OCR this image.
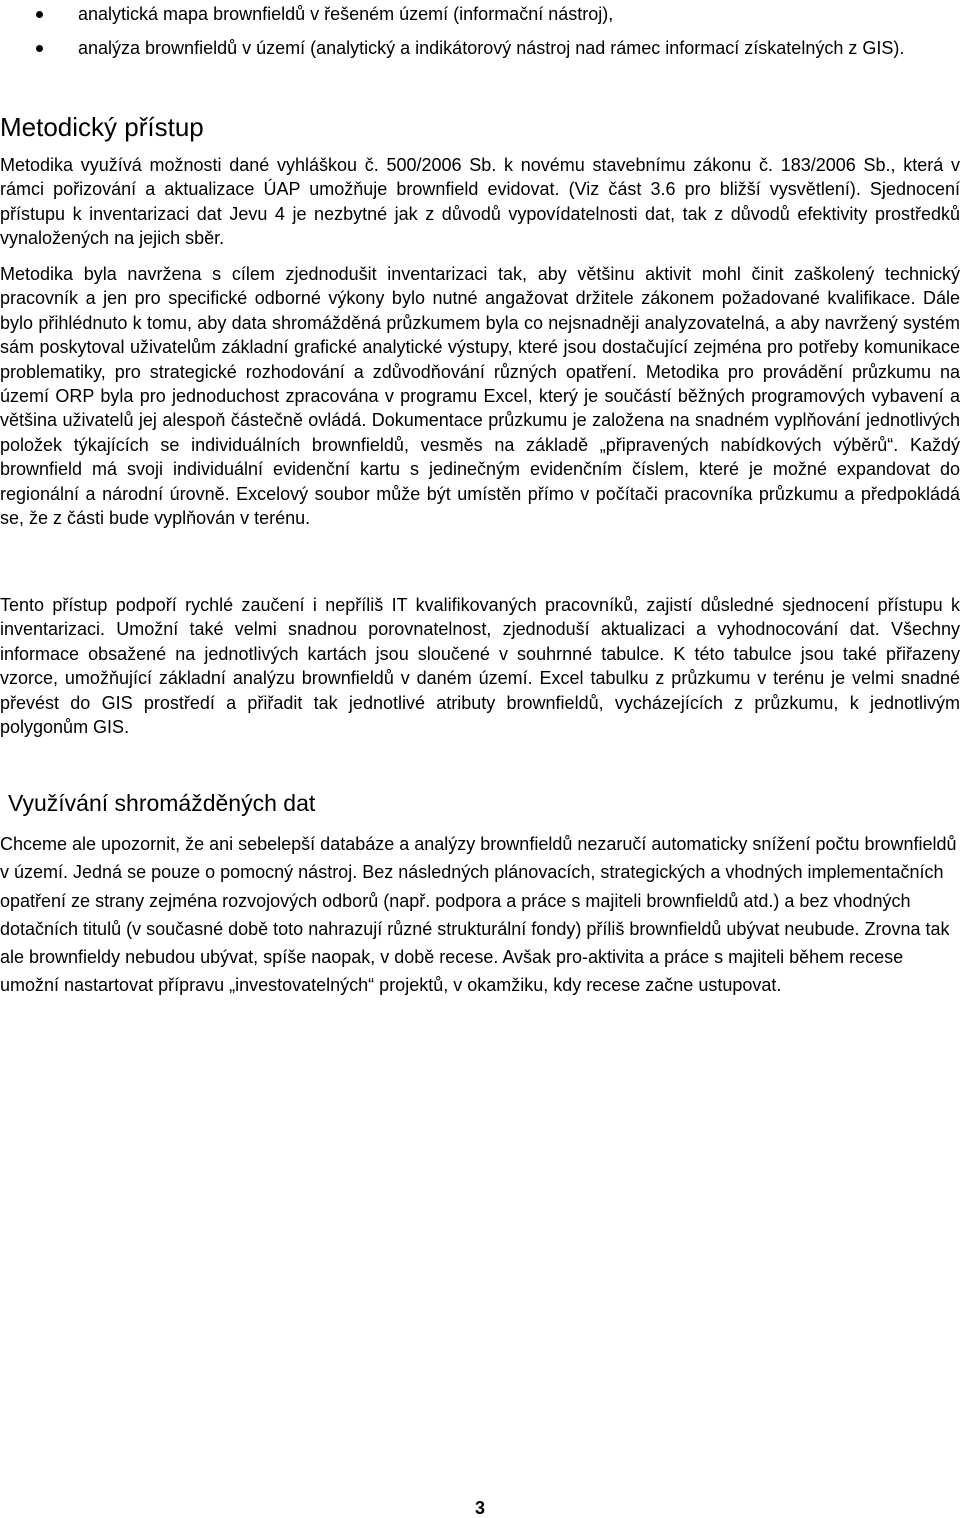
analytická mapa brownfieldů v řešeném území (informační nástroj),
analýza brownfieldů v území (analytický a indikátorový nástroj nad rámec informací získatelných z GIS).
Metodický přístup

Metodika využívá možnosti dané vyhláškou č. 500/2006 Sb. k novému stavebnímu zákonu č. 183/2006 Sb., která v rámci pořizování a aktualizace ÚAP umožňuje brownfield evidovat. (Viz část 3.6 pro bližší vysvětlení). Sjednocení přístupu k inventarizaci dat Jevu 4 je nezbytné jak z důvodů vypovídatelnosti dat, tak z důvodů efektivity prostředků vynaložených na jejich sběr.

Metodika byla navržena s cílem zjednodušit inventarizaci tak, aby většinu aktivit mohl činit zaškolený technický pracovník a jen pro specifické odborné výkony bylo nutné angažovat držitele zákonem požadované kvalifikace. Dále bylo přihlédnuto k tomu, aby data shromážděná průzkumem byla co nejsnadněji analyzovatelná, a aby navržený systém sám poskytoval uživatelům základní grafické analytické výstupy, které jsou dostačující zejména pro potřeby komunikace problematiky, pro strategické rozhodování a zdůvodňování různých opatření. Metodika pro provádění průzkumu na území ORP byla pro jednoduchost zpracována v programu Excel, který je součástí běžných programových vybavení a většina uživatelů jej alespoň částečně ovládá. Dokumentace průzkumu je založena na snadném vyplňování jednotlivých položek týkajících se individuálních brownfieldů, vesměs na základě „připravených nabídkových výběrů“. Každý brownfield má svoji individuální evidenční kartu s jedinečným evidenčním číslem, které je možné expandovat do regionální a národní úrovně. Excelový soubor může být umístěn přímo v počítači pracovníka průzkumu a předpokládá se, že z části bude vyplňován v terénu.

Tento přístup podpoří rychlé zaučení i nepříliš IT kvalifikovaných pracovníků, zajistí důsledné sjednocení přístupu k inventarizaci. Umožní také velmi snadnou porovnatelnost, zjednoduší aktualizaci a vyhodnocování dat. Všechny informace obsažené na jednotlivých kartách jsou sloučené v souhrnné tabulce. K této tabulce jsou také přiřazeny vzorce, umožňující základní analýzu brownfieldů v daném území. Excel tabulku z průzkumu v terénu je velmi snadné převést do GIS prostředí a přiřadit tak jednotlivé atributy brownfieldů, vycházejících z průzkumu, k jednotlivým polygonům GIS.

Využívání shromážděných dat

Chceme ale upozornit, že ani sebelepší databáze a analýzy brownfieldů nezaručí automaticky snížení počtu brownfieldů v území. Jedná se pouze o pomocný nástroj. Bez následných plánovacích, strategických a vhodných implementačních opatření ze strany zejména rozvojových odborů (např. podpora a práce s majiteli brownfieldů atd.) a bez vhodných dotačních titulů (v současné době toto nahrazují různé strukturální fondy) příliš brownfieldů ubývat neubude. Zrovna tak ale brownfieldy nebudou ubývat, spíše naopak, v době recese. Avšak pro-aktivita a práce s majiteli během recese umožní nastartovat přípravu „investovatelných“ projektů, v okamžiku, kdy recese začne ustupovat.

3
